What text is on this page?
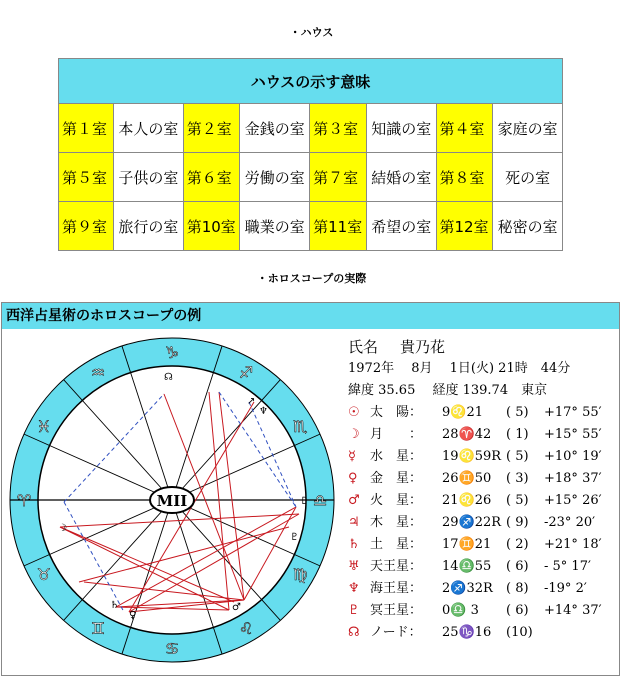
・ハウス
ハウスの示す意味							
第１室	本人の室	第２室	金銭の室	第３室	知識の室	第４室	家庭の室
第５室	子供の室	第６室	労働の室	第７室	結婚の室	第８室	死の室
第９室	旅行の室	第10室	職業の室	第11室	希望の室	第12室	秘密の室
・ホロスコープの実際
西洋占星術のホロスコープの例
♑
♒
♓
♈
♉
♊
♋
♌
♍
♎
♏
♐
MII
☊
↗
♆
♇
♇
☽
♄
♀
♂
氏名 貴乃花
1972年　 8月　 1日(火) 21時　44分
緯度 35.65　 経度 139.74　東京
☉ 太　陽： 9♌21 ( 5) +17° 55′
☽ 月　　： 28♈42 ( 1) +15° 55′
☿ 水　星： 19♌59R ( 5) +10° 19′
♀ 金　星： 26♊50 ( 3) +18° 37′
♂ 火　星： 21♌26 ( 5) +15° 26′
♃ 木　星： 29♐22R ( 9) -23° 20′
♄ 土　星： 17♊21 ( 2) +21° 18′
♅ 天王星： 14♎55 ( 6) - 5° 17′
♆ 海王星： 2♐32R ( 8) -19° 2′
♇ 冥王星： 0♎ 3 ( 6) +14° 37′
☊ ノード： 25♑16 (10)
